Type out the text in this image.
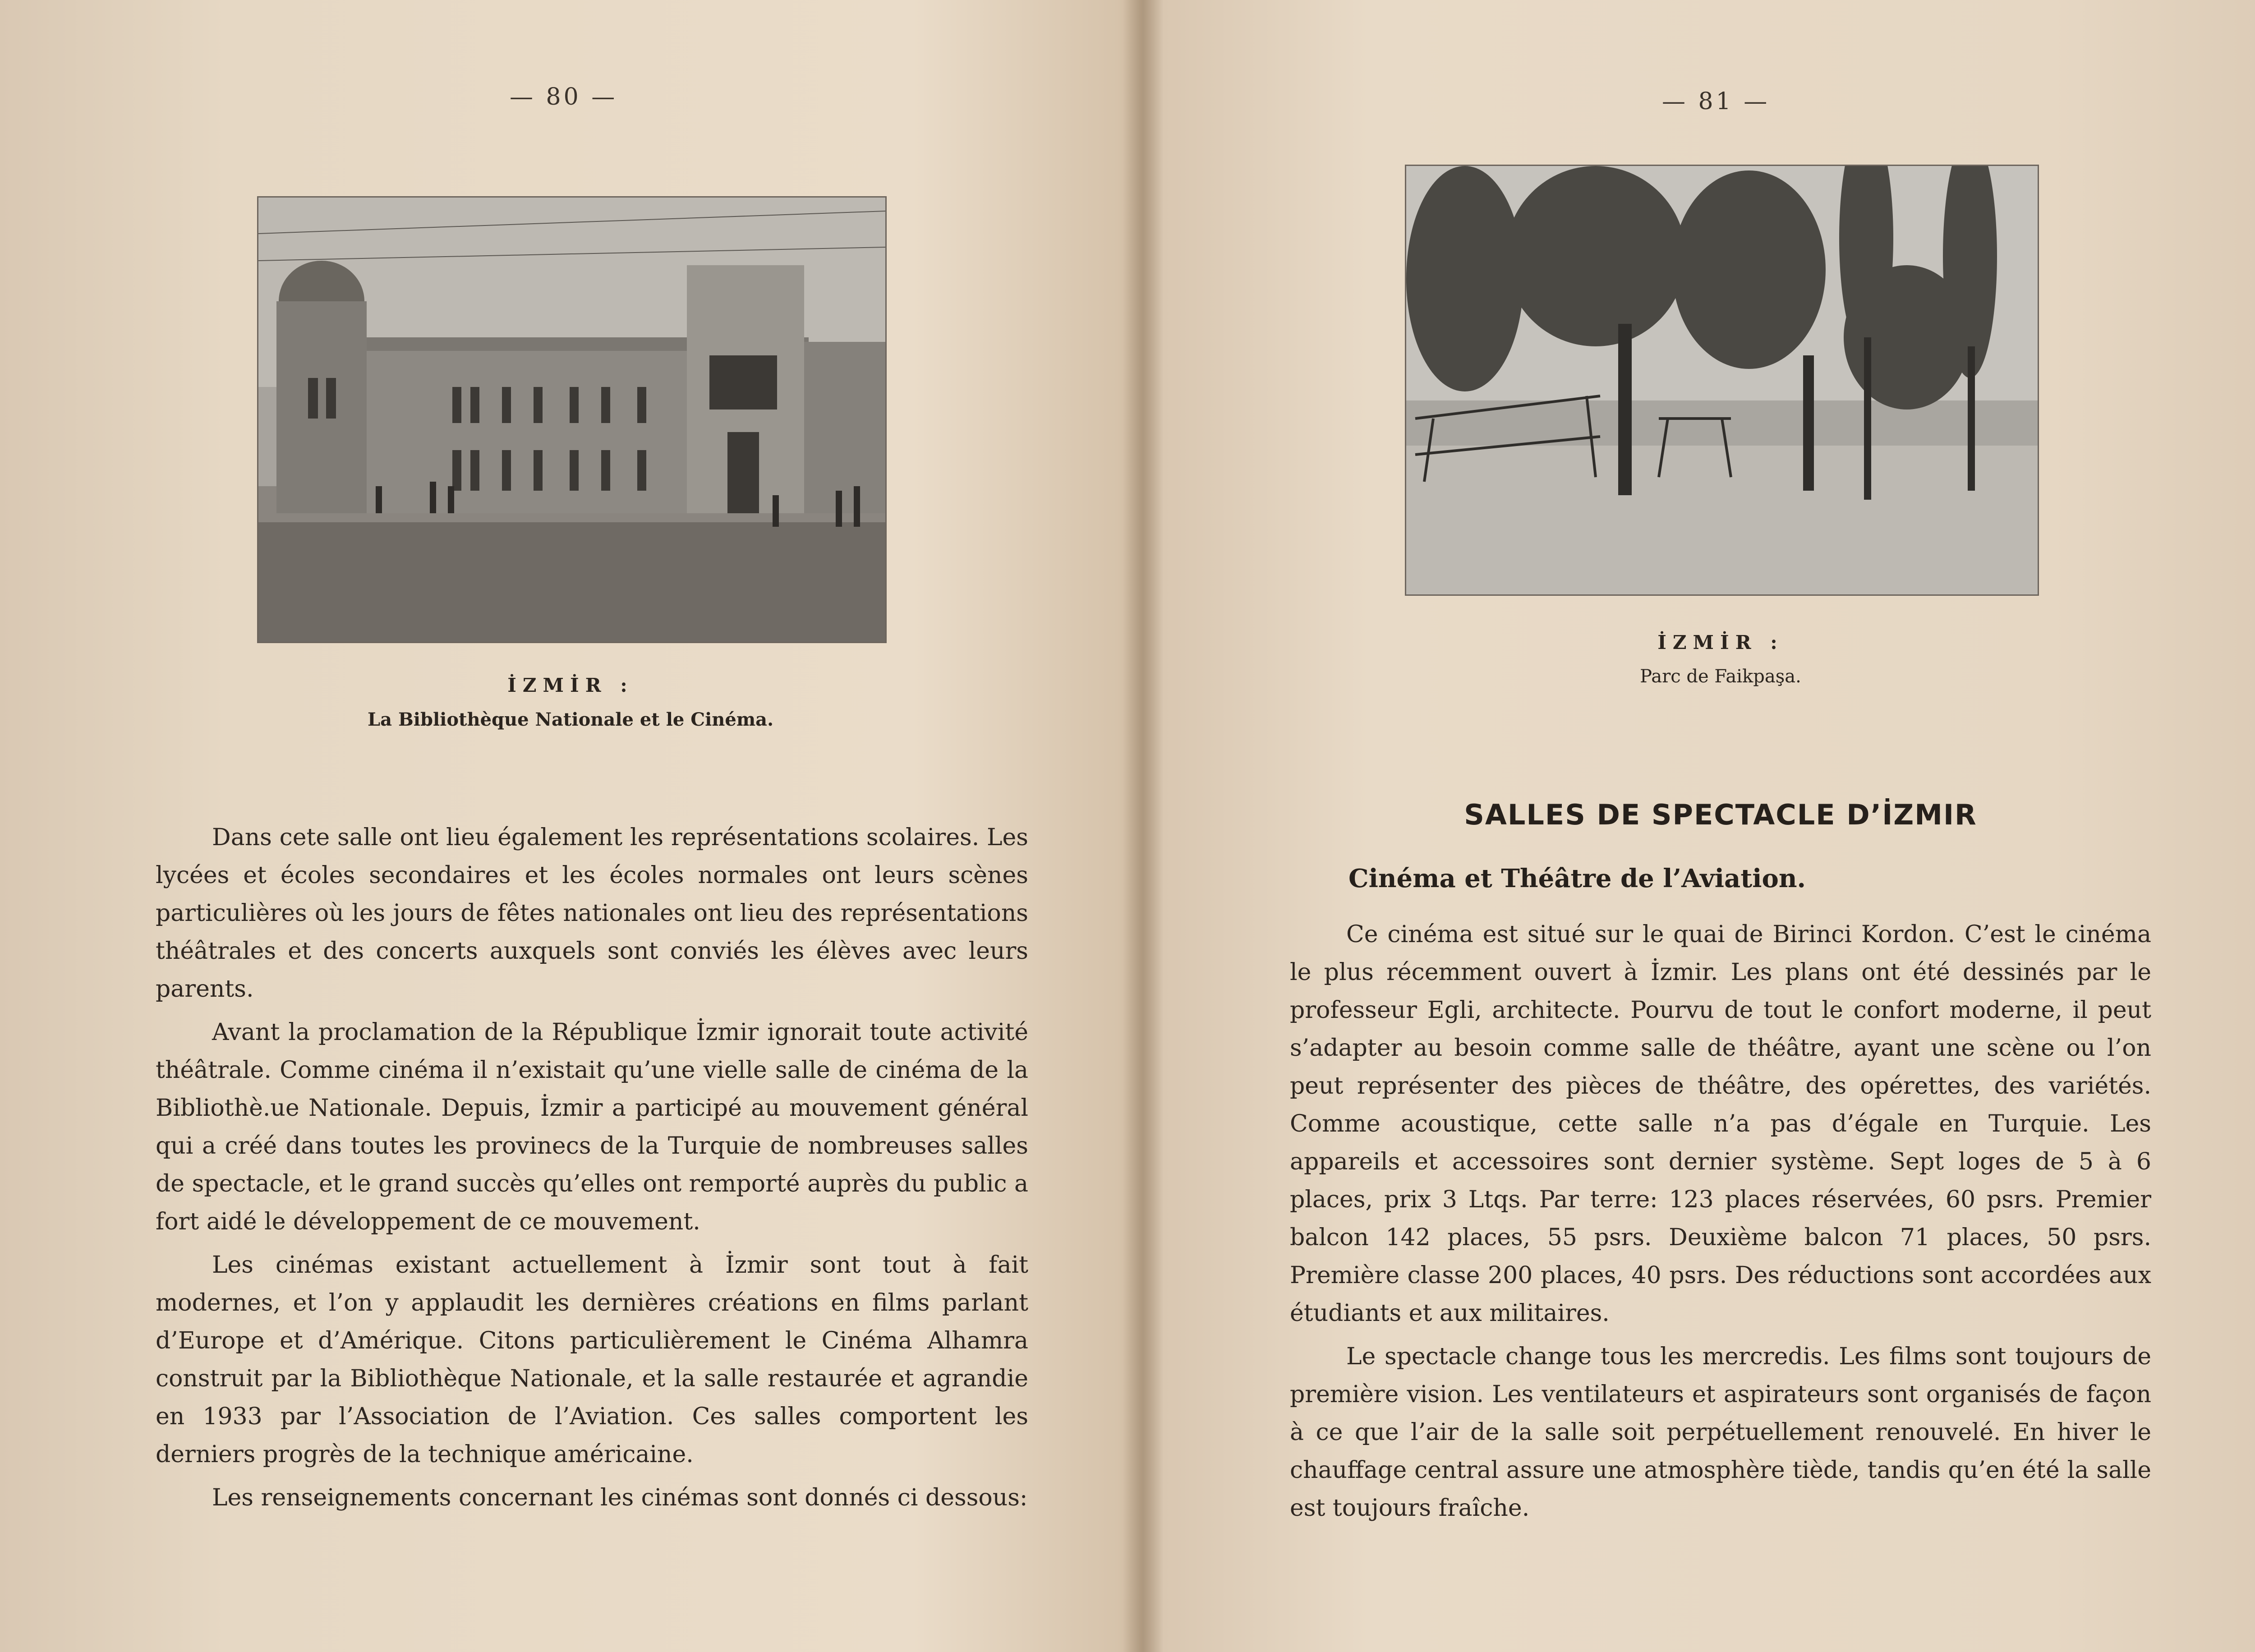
— 80 —
İZMİR :
La Bibliothèque Nationale et le Cinéma.

Dans cete salle ont lieu également les représentations scolaires. Les lycées et écoles secondaires et les écoles normales ont leurs scènes particulières où les jours de fêtes nationales ont lieu des représentations théâtrales et des concerts auxquels sont conviés les élèves avec leurs parents.

Avant la proclamation de la République İzmir ignorait toute activité théâtrale. Comme cinéma il n’existait qu’une vielle salle de cinéma de la Bibliothè.ue Nationale. Depuis, İzmir a participé au mouvement général qui a créé dans toutes les provinecs de la Turquie de nombreuses salles de spectacle, et le grand succès qu’elles ont remporté auprès du public a fort aidé le développement de ce mouvement.

Les cinémas existant actuellement à İzmir sont tout à fait modernes, et l’on y applaudit les dernières créations en films parlant d’Europe et d’Amérique. Citons particulièrement le Cinéma Alhamra construit par la Bibliothèque Nationale, et la salle restaurée et agrandie en 1933 par l’Association de l’Aviation. Ces salles comportent les derniers progrès de la technique américaine.

Les renseignements concernant les cinémas sont donnés ci dessous:

— 81 —
İZMİR :
Parc de Faikpaşa.
SALLES DE SPECTACLE D’İZMIR
Cinéma et Théâtre de l’Aviation.

Ce cinéma est situé sur le quai de Birinci Kordon. C’est le cinéma le plus récemment ouvert à İzmir. Les plans ont été dessinés par le professeur Egli, architecte. Pourvu de tout le confort moderne, il peut s’adapter au besoin comme salle de théâtre, ayant une scène ou l’on peut représenter des pièces de théâtre, des opérettes, des variétés. Comme acoustique, cette salle n’a pas d’égale en Turquie. Les appareils et accessoires sont dernier système. Sept loges de 5 à 6 places, prix 3 Ltqs. Par terre: 123 places réservées, 60 psrs. Premier balcon 142 places, 55 psrs. Deuxième balcon 71 places, 50 psrs. Première classe 200 places, 40 psrs. Des réductions sont accordées aux étudiants et aux militaires.

Le spectacle change tous les mercredis. Les films sont toujours de première vision. Les ventilateurs et aspirateurs sont organisés de façon à ce que l’air de la salle soit perpétuellement renouvelé. En hiver le chauffage central assure une atmosphère tiède, tandis qu’en été la salle est toujours fraîche.
